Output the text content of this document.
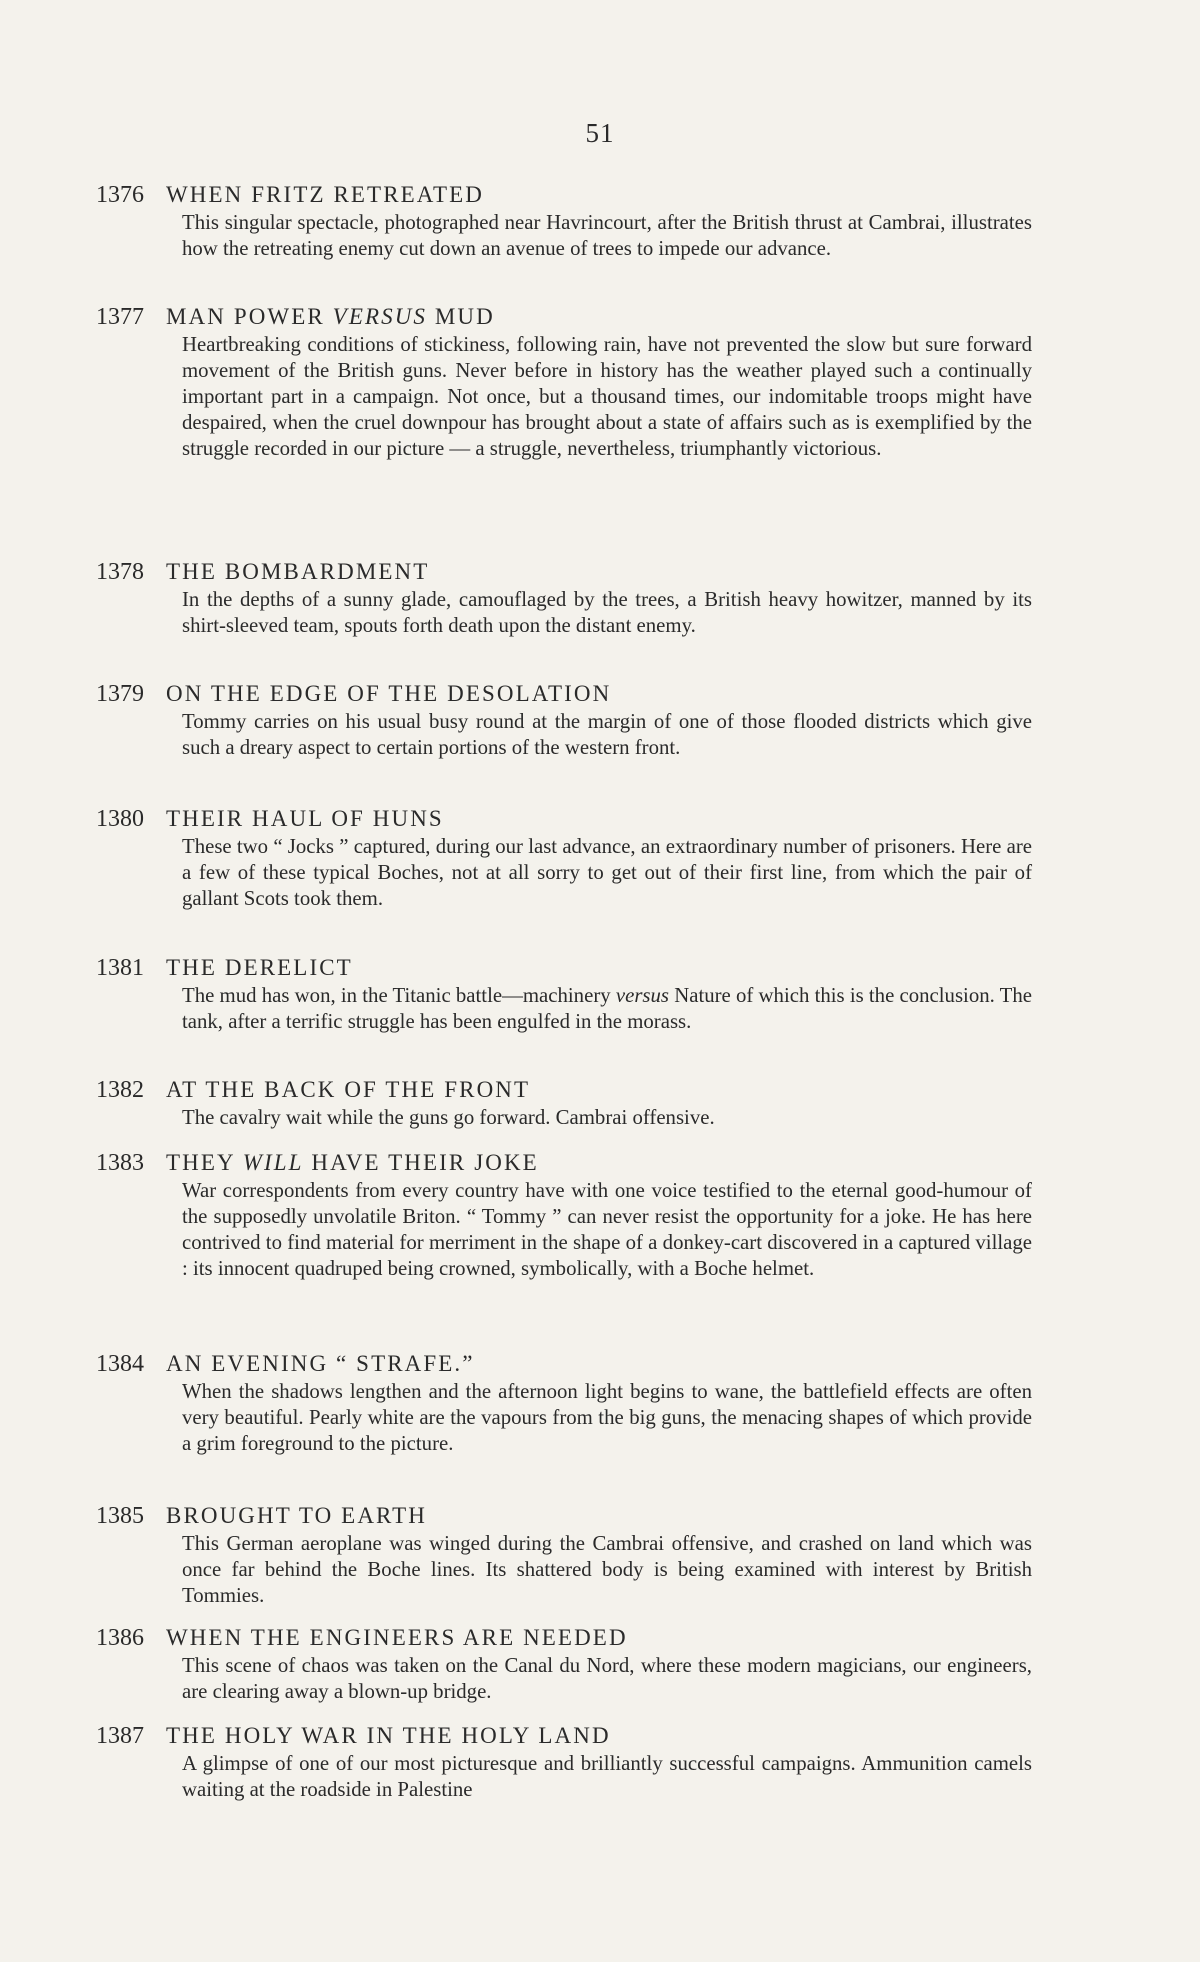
51
1376 WHEN FRITZ RETREATED
This singular spectacle, photographed near Havrincourt, after the British thrust at Cambrai, illustrates how the retreating enemy cut down an avenue of trees to impede our advance.
1377 MAN POWER VERSUS MUD
Heartbreaking conditions of stickiness, following rain, have not prevented the slow but sure forward movement of the British guns. Never before in history has the weather played such a continually important part in a campaign. Not once, but a thousand times, our indomitable troops might have despaired, when the cruel downpour has brought about a state of affairs such as is exemplified by the struggle recorded in our picture — a struggle, nevertheless, triumphantly victorious.
1378 THE BOMBARDMENT
In the depths of a sunny glade, camouflaged by the trees, a British heavy howitzer, manned by its shirt-sleeved team, spouts forth death upon the distant enemy.
1379 ON THE EDGE OF THE DESOLATION
Tommy carries on his usual busy round at the margin of one of those flooded districts which give such a dreary aspect to certain portions of the western front.
1380 THEIR HAUL OF HUNS
These two “ Jocks ” captured, during our last advance, an extraordinary number of prisoners. Here are a few of these typical Boches, not at all sorry to get out of their first line, from which the pair of gallant Scots took them.
1381 THE DERELICT
The mud has won, in the Titanic battle—machinery versus Nature of which this is the conclusion. The tank, after a terrific struggle has been engulfed in the morass.
1382 AT THE BACK OF THE FRONT
The cavalry wait while the guns go forward. Cambrai offensive.
1383 THEY WILL HAVE THEIR JOKE
War correspondents from every country have with one voice testified to the eternal good-humour of the supposedly unvolatile Briton. “ Tommy ” can never resist the opportunity for a joke. He has here contrived to find material for merriment in the shape of a donkey-cart discovered in a captured village : its innocent quadruped being crowned, symbolically, with a Boche helmet.
1384 AN EVENING “ STRAFE.”
When the shadows lengthen and the afternoon light begins to wane, the battlefield effects are often very beautiful. Pearly white are the vapours from the big guns, the menacing shapes of which provide a grim foreground to the picture.
1385 BROUGHT TO EARTH
This German aeroplane was winged during the Cambrai offensive, and crashed on land which was once far behind the Boche lines. Its shattered body is being examined with interest by British Tommies.
1386 WHEN THE ENGINEERS ARE NEEDED
This scene of chaos was taken on the Canal du Nord, where these modern magicians, our engineers, are clearing away a blown-up bridge.
1387 THE HOLY WAR IN THE HOLY LAND
A glimpse of one of our most picturesque and brilliantly successful campaigns. Ammunition camels waiting at the roadside in Palestine
